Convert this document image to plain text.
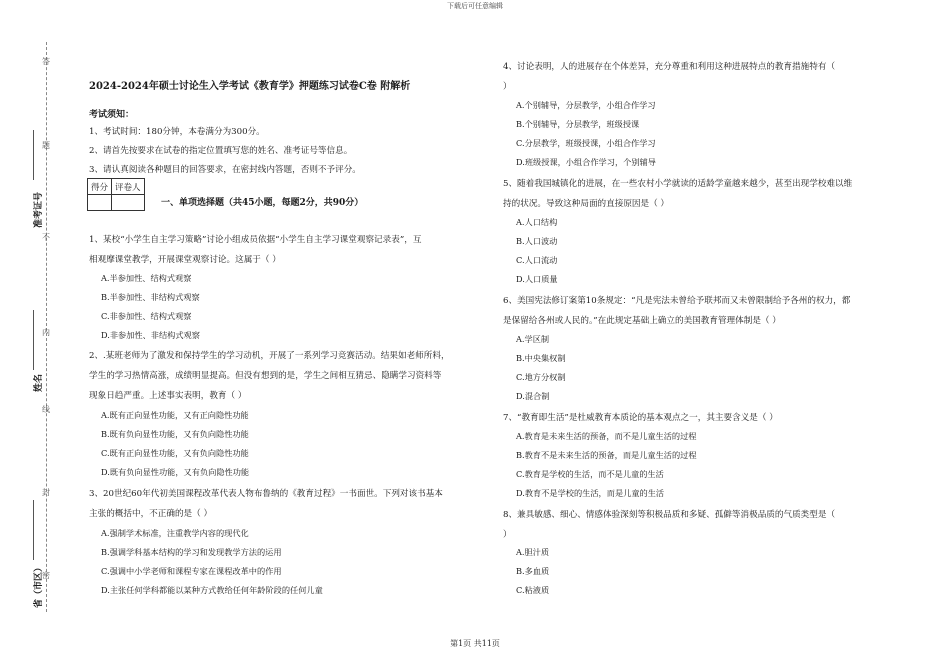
下载后可任意编辑
答
题
不
内
线
封
密
准考证号
姓名
省（市区）
2024-2024年硕士讨论生入学考试《教育学》押题练习试卷C卷 附解析
考试须知：
1、考试时间：180分钟，本卷满分为300分。
2、请首先按要求在试卷的指定位置填写您的姓名、准考证号等信息。
3、请认真阅读各种题目的回答要求，在密封线内答题，否则不予评分。
得分	评卷人

一、单项选择题（共45小题，每题2分，共90分）
1、某校“小学生自主学习策略”讨论小组成员依据“小学生自主学习课堂观察记录表”，互
相观摩课堂教学，开展课堂观察讨论。这属于（ ）
A.半参加性、结构式观察
B.半参加性、非结构式观察
C.非参加性、结构式观察
D.非参加性、非结构式观察
2、.某班老师为了激发和保持学生的学习动机，开展了一系列学习竞赛活动。结果如老师所料，
学生的学习热情高涨，成绩明显提高。但没有想到的是，学生之间相互猜忌、隐瞒学习资料等
现象日趋严重。上述事实表明，教育（ ）
A.既有正向显性功能，又有正向隐性功能
B.既有负向显性功能，又有负向隐性功能
C.既有正向显性功能，又有负向隐性功能
D.既有负向显性功能，又有负向隐性功能
3、20世纪60年代初美国课程改革代表人物布鲁纳的《教育过程》一书面世。下列对该书基本
主张的概括中，不正确的是（ ）
A.强制学术标准，注重教学内容的现代化
B.强调学科基本结构的学习和发现教学方法的运用
C.强调中小学老师和课程专家在课程改革中的作用
D.主张任何学科都能以某种方式教给任何年龄阶段的任何儿童
4、讨论表明，人的进展存在个体差异，充分尊重和利用这种进展特点的教育措施特有（
）
A.个别辅导，分层教学，小组合作学习
B.个别辅导，分层教学，班级授课
C.分层教学，班级授课，小组合作学习
D.班级授课，小组合作学习，个别辅导
5、随着我国城镇化的进展，在一些农村小学就读的适龄学童越来越少，甚至出现学校难以维
持的状况。导致这种局面的直接原因是（ ）
A.人口结构
B.人口波动
C.人口流动
D.人口质量
6、美国宪法修订案第10条规定：“凡是宪法未曾给予联邦而又未曾限制给予各州的权力，都
是保留给各州或人民的。”在此规定基础上确立的美国教育管理体制是（ ）
A.学区制
B.中央集权制
C.地方分权制
D.混合制
7、“教育即生活”是杜威教育本质论的基本观点之一，其主要含义是（ ）
A.教育是未来生活的预备，而不是儿童生活的过程
B.教育不是未来生活的预备，而是儿童生活的过程
C.教育是学校的生活，而不是儿童的生活
D.教育不是学校的生活，而是儿童的生活
8、兼具敏感、细心、情感体验深刻等积极品质和多疑、孤僻等消极品质的气质类型是（
）
A.胆汁质
B.多血质
C.粘液质
第1页 共11页
